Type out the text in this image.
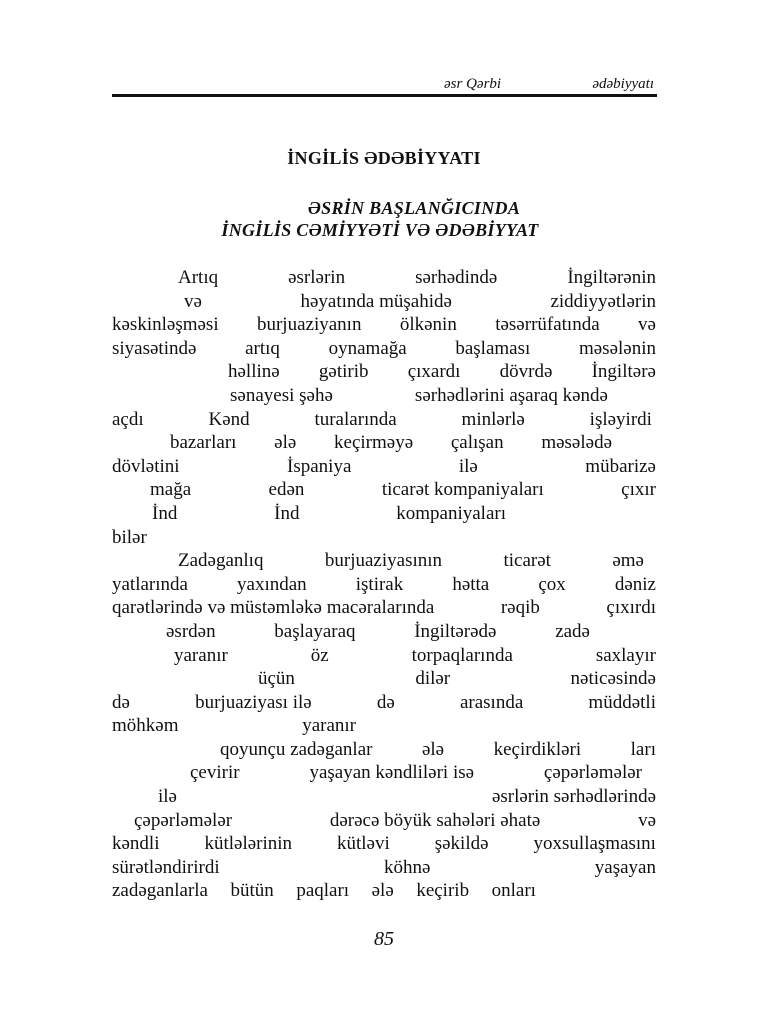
əsr Qərbi	ədəbiyyatı
İNGİLİS ƏDƏBİYYATI
ƏSRİN BAŞLANĞICINDA
İNGİLİS CƏMİYYƏTİ VƏ ƏDƏBİYYAT
Artıq	əsrlərin	sərhədində	İngiltərənin
və	həyatında müşahidə	ziddiyyətlərin
kəskinləşməsi burjuaziyanın ölkənin təsərrüfatında və
siyasətində	artıq	oynamağa	başlaması	məsələnin
həllinə gətirib çıxardı dövrdə İngiltərə
sənayesi şəhə	sərhədlərini aşaraq kəndə
açdı	Kənd	turalarında	minlərlə	işləyirdi
bazarları ələ keçirməyə çalışan məsələdə
dövlətini	İspaniya	ilə	mübarizə
mağa	edən	ticarət kompaniyaları	çıxır
İnd	İnd	kompaniyaları
bilər
Zadəganlıq	burjuaziyasının	ticarət	əmə
yatlarında	yaxından	iştirak	hətta	çox	dəniz
qarətlərində və müstəmləkə macəralarında	rəqib	çıxırdı
əsrdən	başlayaraq	İngiltərədə	zadə
yaranır	öz	torpaqlarında	saxlayır
üçün	dilər	nəticəsində
də	burjuaziyası ilə	də	arasında	müddətli
möhkəm	yaranır
qoyunçu zadəganlar	ələ	keçirdikləri	ları
çevirir	yaşayan kəndliləri isə	çəpərləmələr
ilə	əsrlərin sərhədlərində
çəpərləmələr	dərəcə böyük sahələri əhatə	və
kəndli kütlələrinin kütləvi şəkildə yoxsullaşmasını
sürətləndirirdi	köhnə	yaşayan
zadəganlarla bütün paqları ələ keçirib onları
85
